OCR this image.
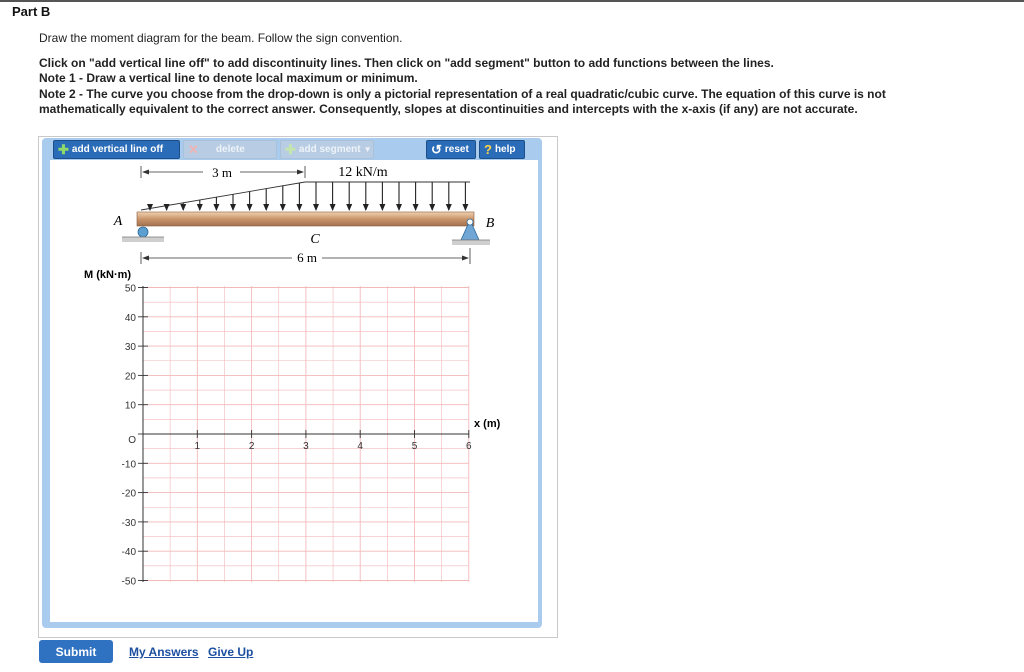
Part B
Draw the moment diagram for the beam. Follow the sign convention.
Click on "add vertical line off" to add discontinuity lines. Then click on "add segment" button to add functions between the lines.
Note 1 - Draw a vertical line to denote local maximum or minimum.
Note 2 - The curve you choose from the drop-down is only a pictorial representation of a real quadratic/cubic curve. The equation of this curve is not
mathematically equivalent to the correct answer. Consequently, slopes at discontinuities and intercepts with the x-axis (if any) are not accurate.
✚ add vertical line off ✕ delete	✚ add segment ▼	↺ reset ? help
3 m	12 kN/m
A	B
C
6 m
50
40
30
20
10
O
-10
-20
-30
-40
-50
1	2	3	4	5	6
M (kN·m)
x (m)
Submit	My Answers Give Up
